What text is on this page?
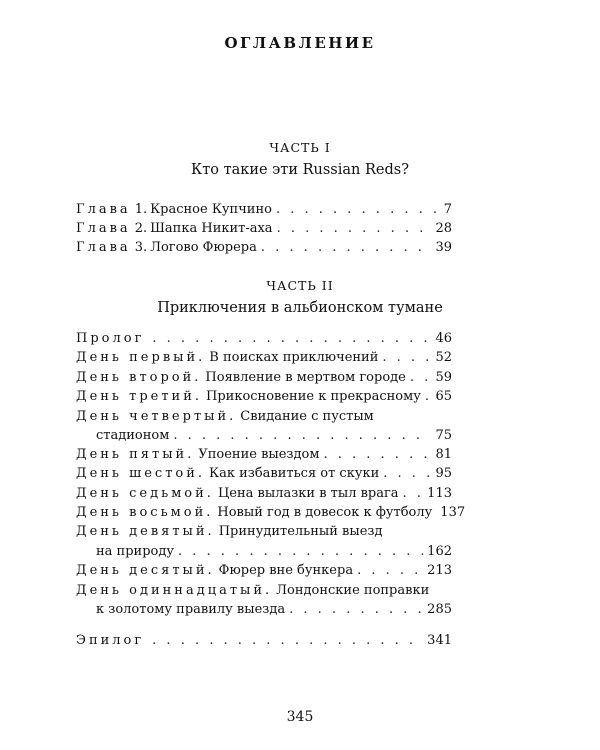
ОГЛАВЛЕНИЕ
ЧАСТЬ I
Кто такие эти Russian Reds?
Глава 1. Красное Купчино . . .	7
Глава 2. Шапка Никит-аха . . .	28
Глава 3. Логово Фюрера . . .	39
ЧАСТЬ II
Приключения в альбионском тумане
Пролог . . .	46
День первый. В поисках приключений . . .	52
День второй. Появление в мертвом городе . . . 59
День третий. Прикосновение к прекрасному . . . 65
День четвертый. Свидание с пустым
стадионом . . .	75
День пятый. Упоение выездом . . .	81
День шестой. Как избавиться от скуки . . .	95
День седьмой. Цена вылазки в тыл врага . . . 113
День восьмой. Новый год в довесок к футболу 137
День девятый. Принудительный выезд
на природу . . .	162
День десятый. Фюрер вне бункера . . .	213
День одиннадцатый. Лондонские поправки
к золотому правилу выезда . . .	285
Эпилог . . .	341
345
